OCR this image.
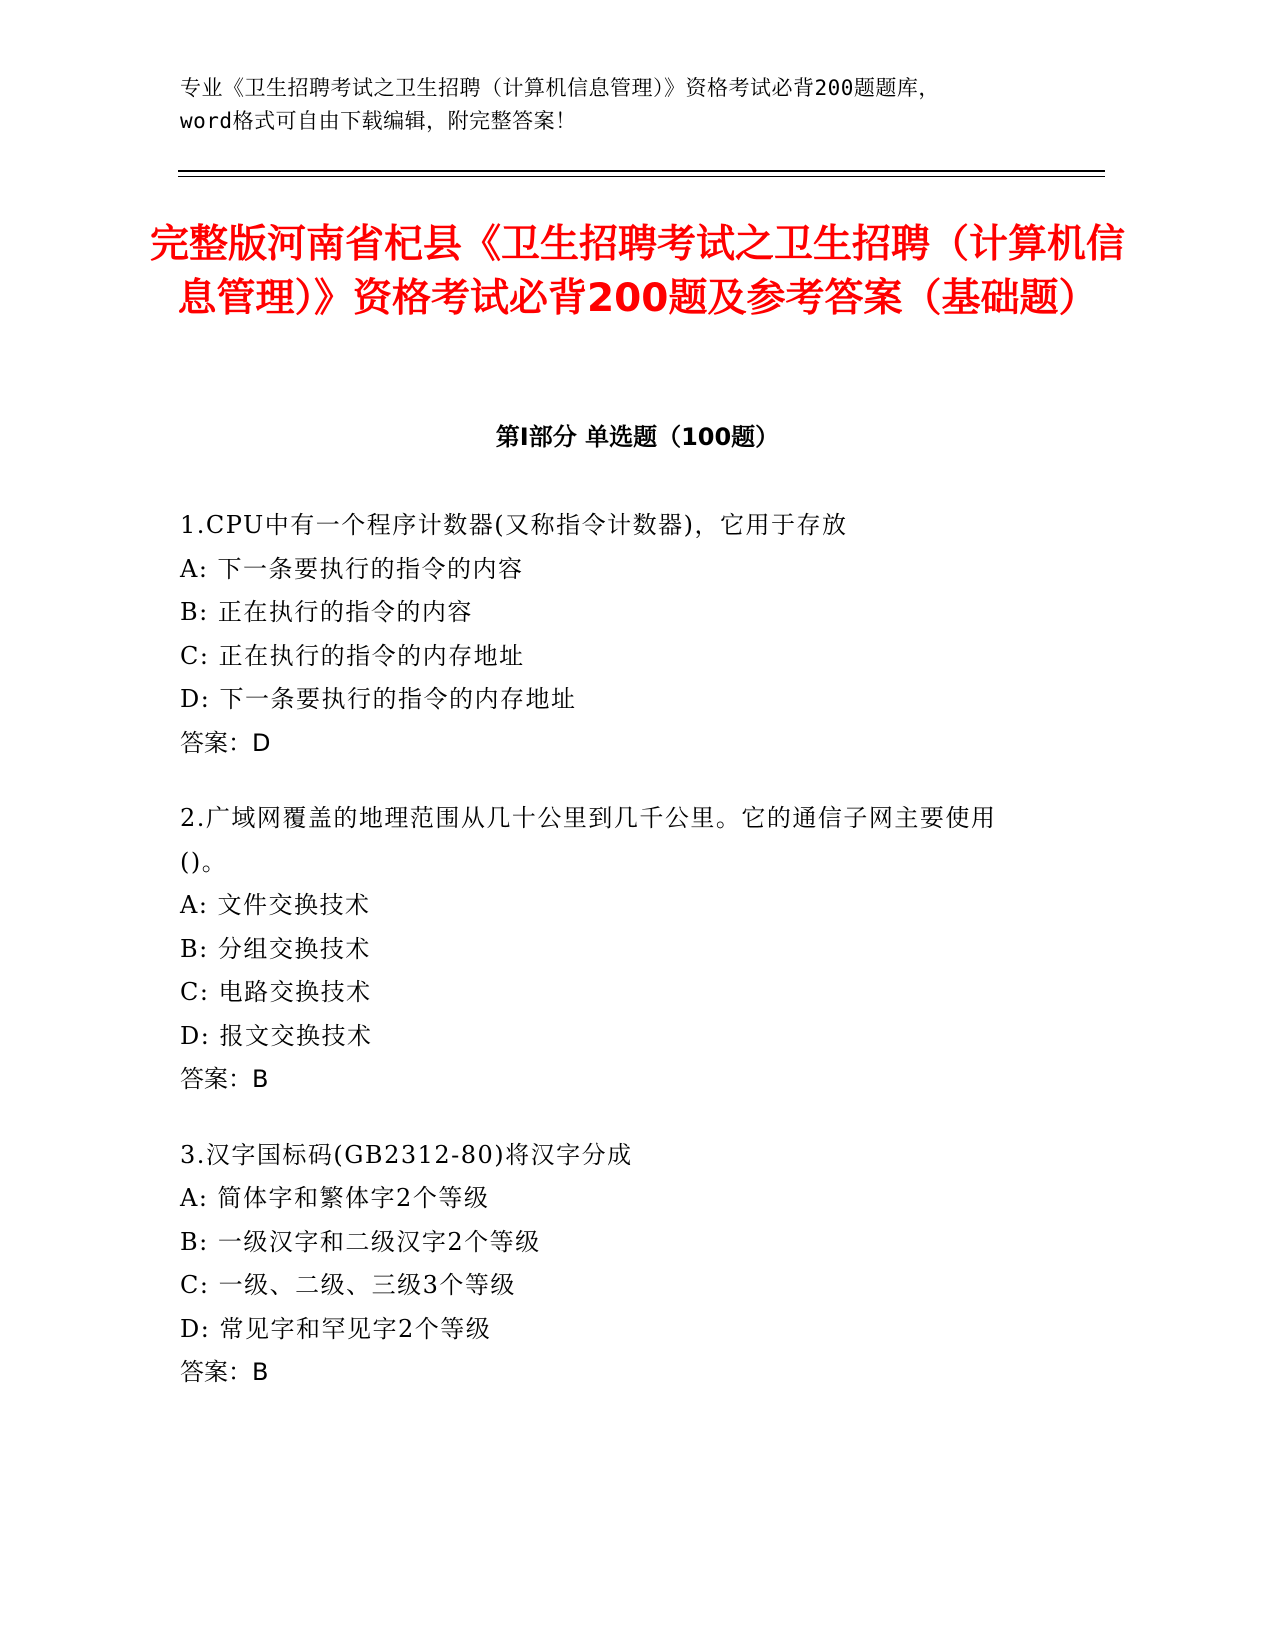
专业《卫生招聘考试之卫生招聘（计算机信息管理）》资格考试必背200题题库，
word格式可自由下载编辑，附完整答案！
完整版河南省杞县《卫生招聘考试之卫生招聘（计算机信息管理）》资格考试必背200题及参考答案（基础题）
第Ⅰ部分 单选题（100题）
1.CPU中有一个程序计数器(又称指令计数器)，它用于存放
A: 下一条要执行的指令的内容
B: 正在执行的指令的内容
C: 正在执行的指令的内存地址
D: 下一条要执行的指令的内存地址
答案：D
2.广域网覆盖的地理范围从几十公里到几千公里。它的通信子网主要使用()。
A: 文件交换技术
B: 分组交换技术
C: 电路交换技术
D: 报文交换技术
答案：B
3.汉字国标码(GB2312-80)将汉字分成
A: 简体字和繁体字2个等级
B: 一级汉字和二级汉字2个等级
C: 一级、二级、三级3个等级
D: 常见字和罕见字2个等级
答案：B
